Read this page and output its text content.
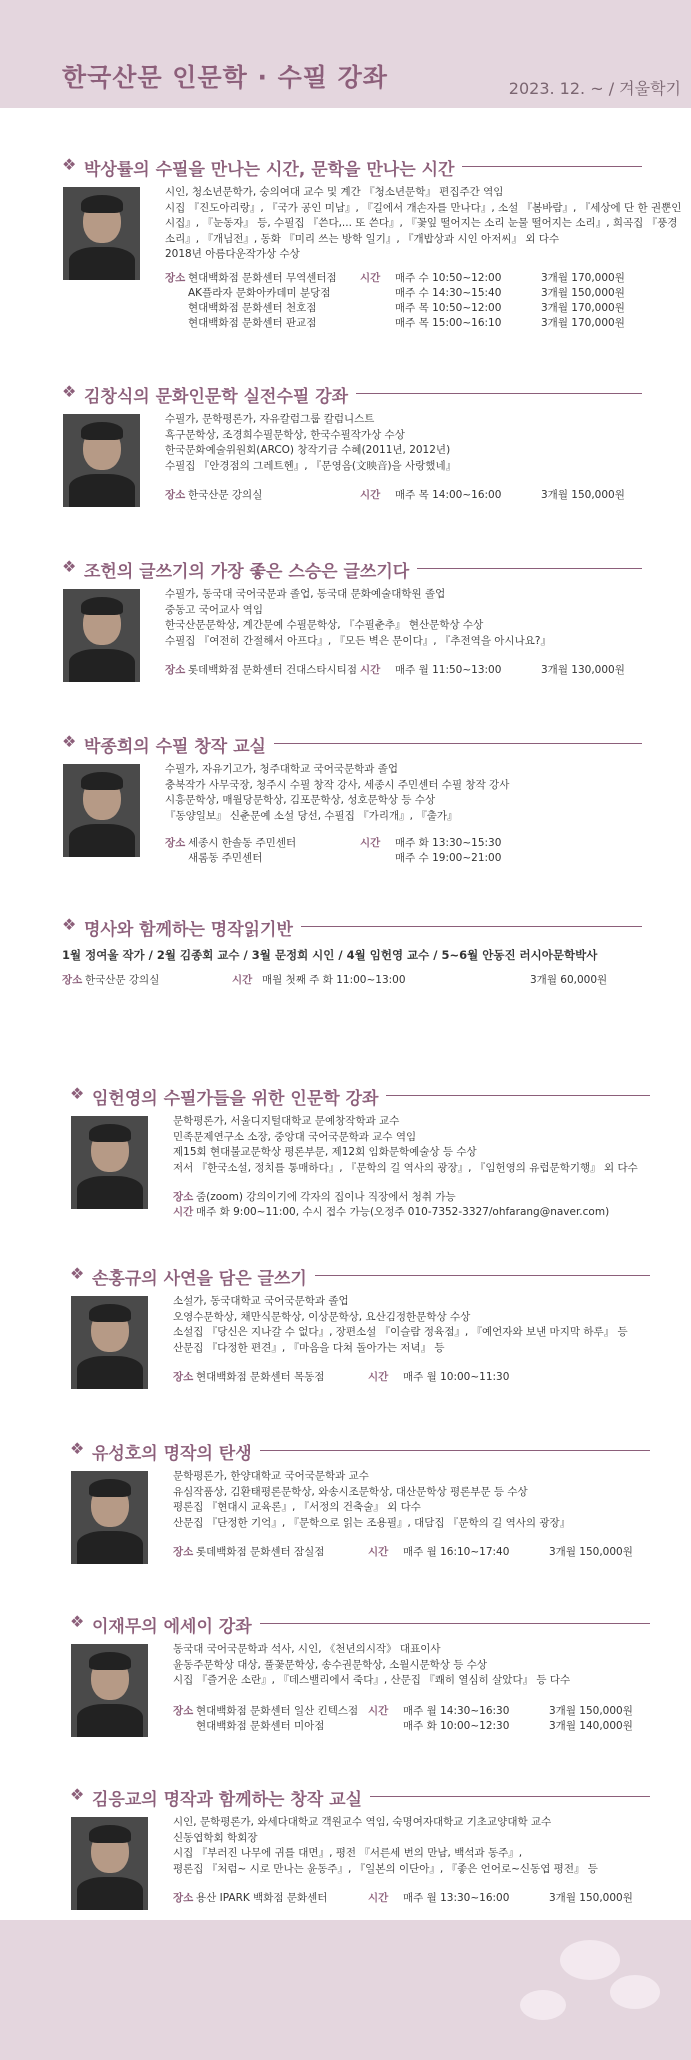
한국산문 인문학 · 수필 강좌	2023. 12. ~ / 겨울학기
❖ 박상률의 수필을 만나는 시간, 문학을 만나는 시간
시인, 청소년문학가, 숭의여대 교수 및 계간 『청소년문학』 편집주간 역임
시집 『진도아리랑』, 『국가 공인 미남』, 『길에서 개손자를 만나다』, 소설 『봄바람』, 『세상에 단 한 권뿐인
시집』, 『눈동자』 등, 수필집 『쓴다,... 또 쓴다』, 『꽃잎 떨어지는 소리 눈물 떨어지는 소리』, 희곡집 『풍경
소리』, 『개님전』, 동화 『미리 쓰는 방학 일기』, 『개밥상과 시인 아저씨』 외 다수
2018년 아름다운작가상 수상
장소 현대백화점 문화센터 무역센터점 시간 매주 수 10:50~12:00	3개월 170,000원
AK플라자 문화아카데미 분당점	매주 수 14:30~15:40	3개월 150,000원
현대백화점 문화센터 천호점	매주 목 10:50~12:00	3개월 170,000원
현대백화점 문화센터 판교점	매주 목 15:00~16:10	3개월 170,000원
❖ 김창식의 문화인문학 실전수필 강좌
수필가, 문학평론가, 자유칼럼그룹 칼럼니스트
흑구문학상, 조경희수필문학상, 한국수필작가상 수상
한국문화예술위원회(ARCO) 창작기금 수혜(2011년, 2012년)
수필집 『안경점의 그레트헨』, 『문영음(文映音)을 사랑했네』
장소 한국산문 강의실	시간 매주 목 14:00~16:00	3개월 150,000원
❖ 조헌의 글쓰기의 가장 좋은 스승은 글쓰기다
수필가, 동국대 국어국문과 졸업, 동국대 문화예술대학원 졸업
중동고 국어교사 역임
한국산문문학상, 계간문예 수필문학상, 『수필춘추』 현산문학상 수상
수필집 『여전히 간절해서 아프다』, 『모든 벽은 문이다』, 『추전역을 아시나요?』
장소 롯데백화점 문화센터 건대스타시티점 시간 매주 월 11:50~13:00	3개월 130,000원
❖ 박종희의 수필 창작 교실
수필가, 자유기고가, 청주대학교 국어국문학과 졸업
충북작가 사무국장, 청주시 수필 창작 강사, 세종시 주민센터 수필 창작 강사
시흥문학상, 매월당문학상, 김포문학상, 성호문학상 등 수상
『동양일보』 신춘문예 소설 당선, 수필집 『가리개』, 『출가』
장소 세종시 한솔동 주민센터	시간 매주 화 13:30~15:30
새롬동 주민센터	매주 수 19:00~21:00
❖ 명사와 함께하는 명작읽기반
1월 정여울 작가 / 2월 김종회 교수 / 3월 문정희 시인 / 4월 임헌영 교수 / 5~6월 안동진 러시아문학박사
장소 한국산문 강의실	시간 매월 첫째 주 화 11:00~13:00	3개월 60,000원
❖ 임헌영의 수필가들을 위한 인문학 강좌
문학평론가, 서울디지털대학교 문예창작학과 교수
민족문제연구소 소장, 중앙대 국어국문학과 교수 역임
제15회 현대불교문학상 평론부문, 제12회 임화문학예술상 등 수상
저서 『한국소설, 정치를 통매하다』, 『문학의 길 역사의 광장』, 『임헌영의 유럽문학기행』 외 다수
장소 줌(zoom) 강의이기에 각자의 집이나 직장에서 청취 가능
시간 매주 화 9:00~11:00, 수시 접수 가능(오정주 010-7352-3327/ohfarang@naver.com)
❖ 손홍규의 사연을 담은 글쓰기
소설가, 동국대학교 국어국문학과 졸업
오영수문학상, 채만식문학상, 이상문학상, 요산김정한문학상 수상
소설집 『당신은 지나갈 수 없다』, 장편소설 『이슬람 정육점』, 『예언자와 보낸 마지막 하루』 등
산문집 『다정한 편견』, 『마음을 다쳐 돌아가는 저녁』 등
장소 현대백화점 문화센터 목동점	시간 매주 월 10:00~11:30
❖ 유성호의 명작의 탄생
문학평론가, 한양대학교 국어국문학과 교수
유심작품상, 김환태평론문학상, 와송시조문학상, 대산문학상 평론부문 등 수상
평론집 『현대시 교육론』, 『서정의 건축술』 외 다수
산문집 『단정한 기억』, 『문학으로 읽는 조용필』, 대담집 『문학의 길 역사의 광장』
장소 롯데백화점 문화센터 잠실점	시간 매주 월 16:10~17:40	3개월 150,000원
❖ 이재무의 에세이 강좌
동국대 국어국문학과 석사, 시인, 《천년의시작》 대표이사
윤동주문학상 대상, 풀꽃문학상, 송수권문학상, 소월시문학상 등 수상
시집 『즐거운 소란』, 『데스밸리에서 죽다』, 산문집 『쾌히 열심히 살았다』 등 다수
장소 현대백화점 문화센터 일산 킨텍스점 시간 매주 월 14:30~16:30	3개월 150,000원
현대백화점 문화센터 미아점	매주 화 10:00~12:30	3개월 140,000원
❖ 김응교의 명작과 함께하는 창작 교실
시인, 문학평론가, 와세다대학교 객원교수 역임, 숙명여자대학교 기초교양대학 교수
신동엽학회 학회장
시집 『부러진 나무에 귀를 대면』, 평전 『서른세 번의 만남, 백석과 동주』,
평론집 『처럼~ 시로 만나는 윤동주』, 『일본의 이단아』, 『좋은 언어로~신동엽 평전』 등
장소 용산 IPARK 백화점 문화센터	시간 매주 월 13:30~16:00	3개월 150,000원
